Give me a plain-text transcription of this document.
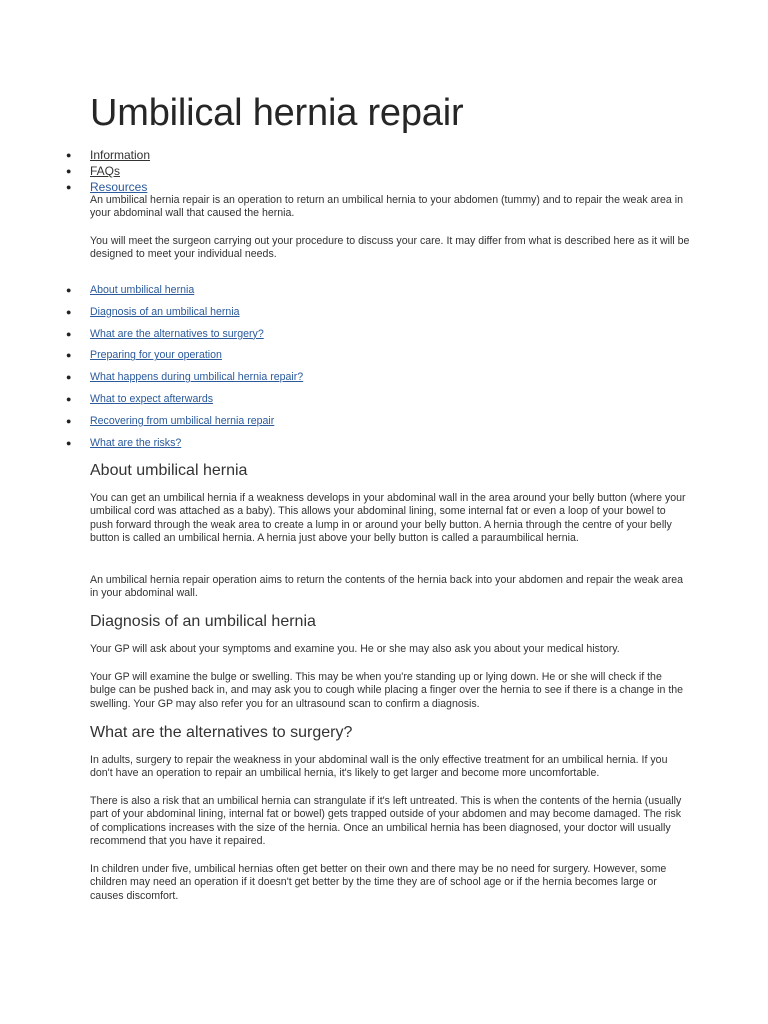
Umbilical hernia repair
● Information
● FAQs
● Resources

An umbilical hernia repair is an operation to return an umbilical hernia to your abdomen (tummy) and to repair the weak area in your abdominal wall that caused the hernia.

You will meet the surgeon carrying out your procedure to discuss your care. It may differ from what is described here as it will be designed to meet your individual needs.

● About umbilical hernia
● Diagnosis of an umbilical hernia
● What are the alternatives to surgery?
● Preparing for your operation
● What happens during umbilical hernia repair?
● What to expect afterwards
● Recovering from umbilical hernia repair
● What are the risks?
About umbilical hernia

You can get an umbilical hernia if a weakness develops in your abdominal wall in the area around your belly button (where your umbilical cord was attached as a baby). This allows your abdominal lining, some internal fat or even a loop of your bowel to push forward through the weak area to create a lump in or around your belly button. A hernia through the centre of your belly button is called an umbilical hernia. A hernia just above your belly button is called a paraumbilical hernia.

An umbilical hernia repair operation aims to return the contents of the hernia back into your abdomen and repair the weak area in your abdominal wall.

Diagnosis of an umbilical hernia

Your GP will ask about your symptoms and examine you. He or she may also ask you about your medical history.

Your GP will examine the bulge or swelling. This may be when you're standing up or lying down. He or she will check if the bulge can be pushed back in, and may ask you to cough while placing a finger over the hernia to see if there is a change in the swelling. Your GP may also refer you for an ultrasound scan to confirm a diagnosis.

What are the alternatives to surgery?

In adults, surgery to repair the weakness in your abdominal wall is the only effective treatment for an umbilical hernia. If you don't have an operation to repair an umbilical hernia, it's likely to get larger and become more uncomfortable.

There is also a risk that an umbilical hernia can strangulate if it's left untreated. This is when the contents of the hernia (usually part of your abdominal lining, internal fat or bowel) gets trapped outside of your abdomen and may become damaged. The risk of complications increases with the size of the hernia. Once an umbilical hernia has been diagnosed, your doctor will usually recommend that you have it repaired.

In children under five, umbilical hernias often get better on their own and there may be no need for surgery. However, some children may need an operation if it doesn't get better by the time they are of school age or if the hernia becomes large or causes discomfort.
